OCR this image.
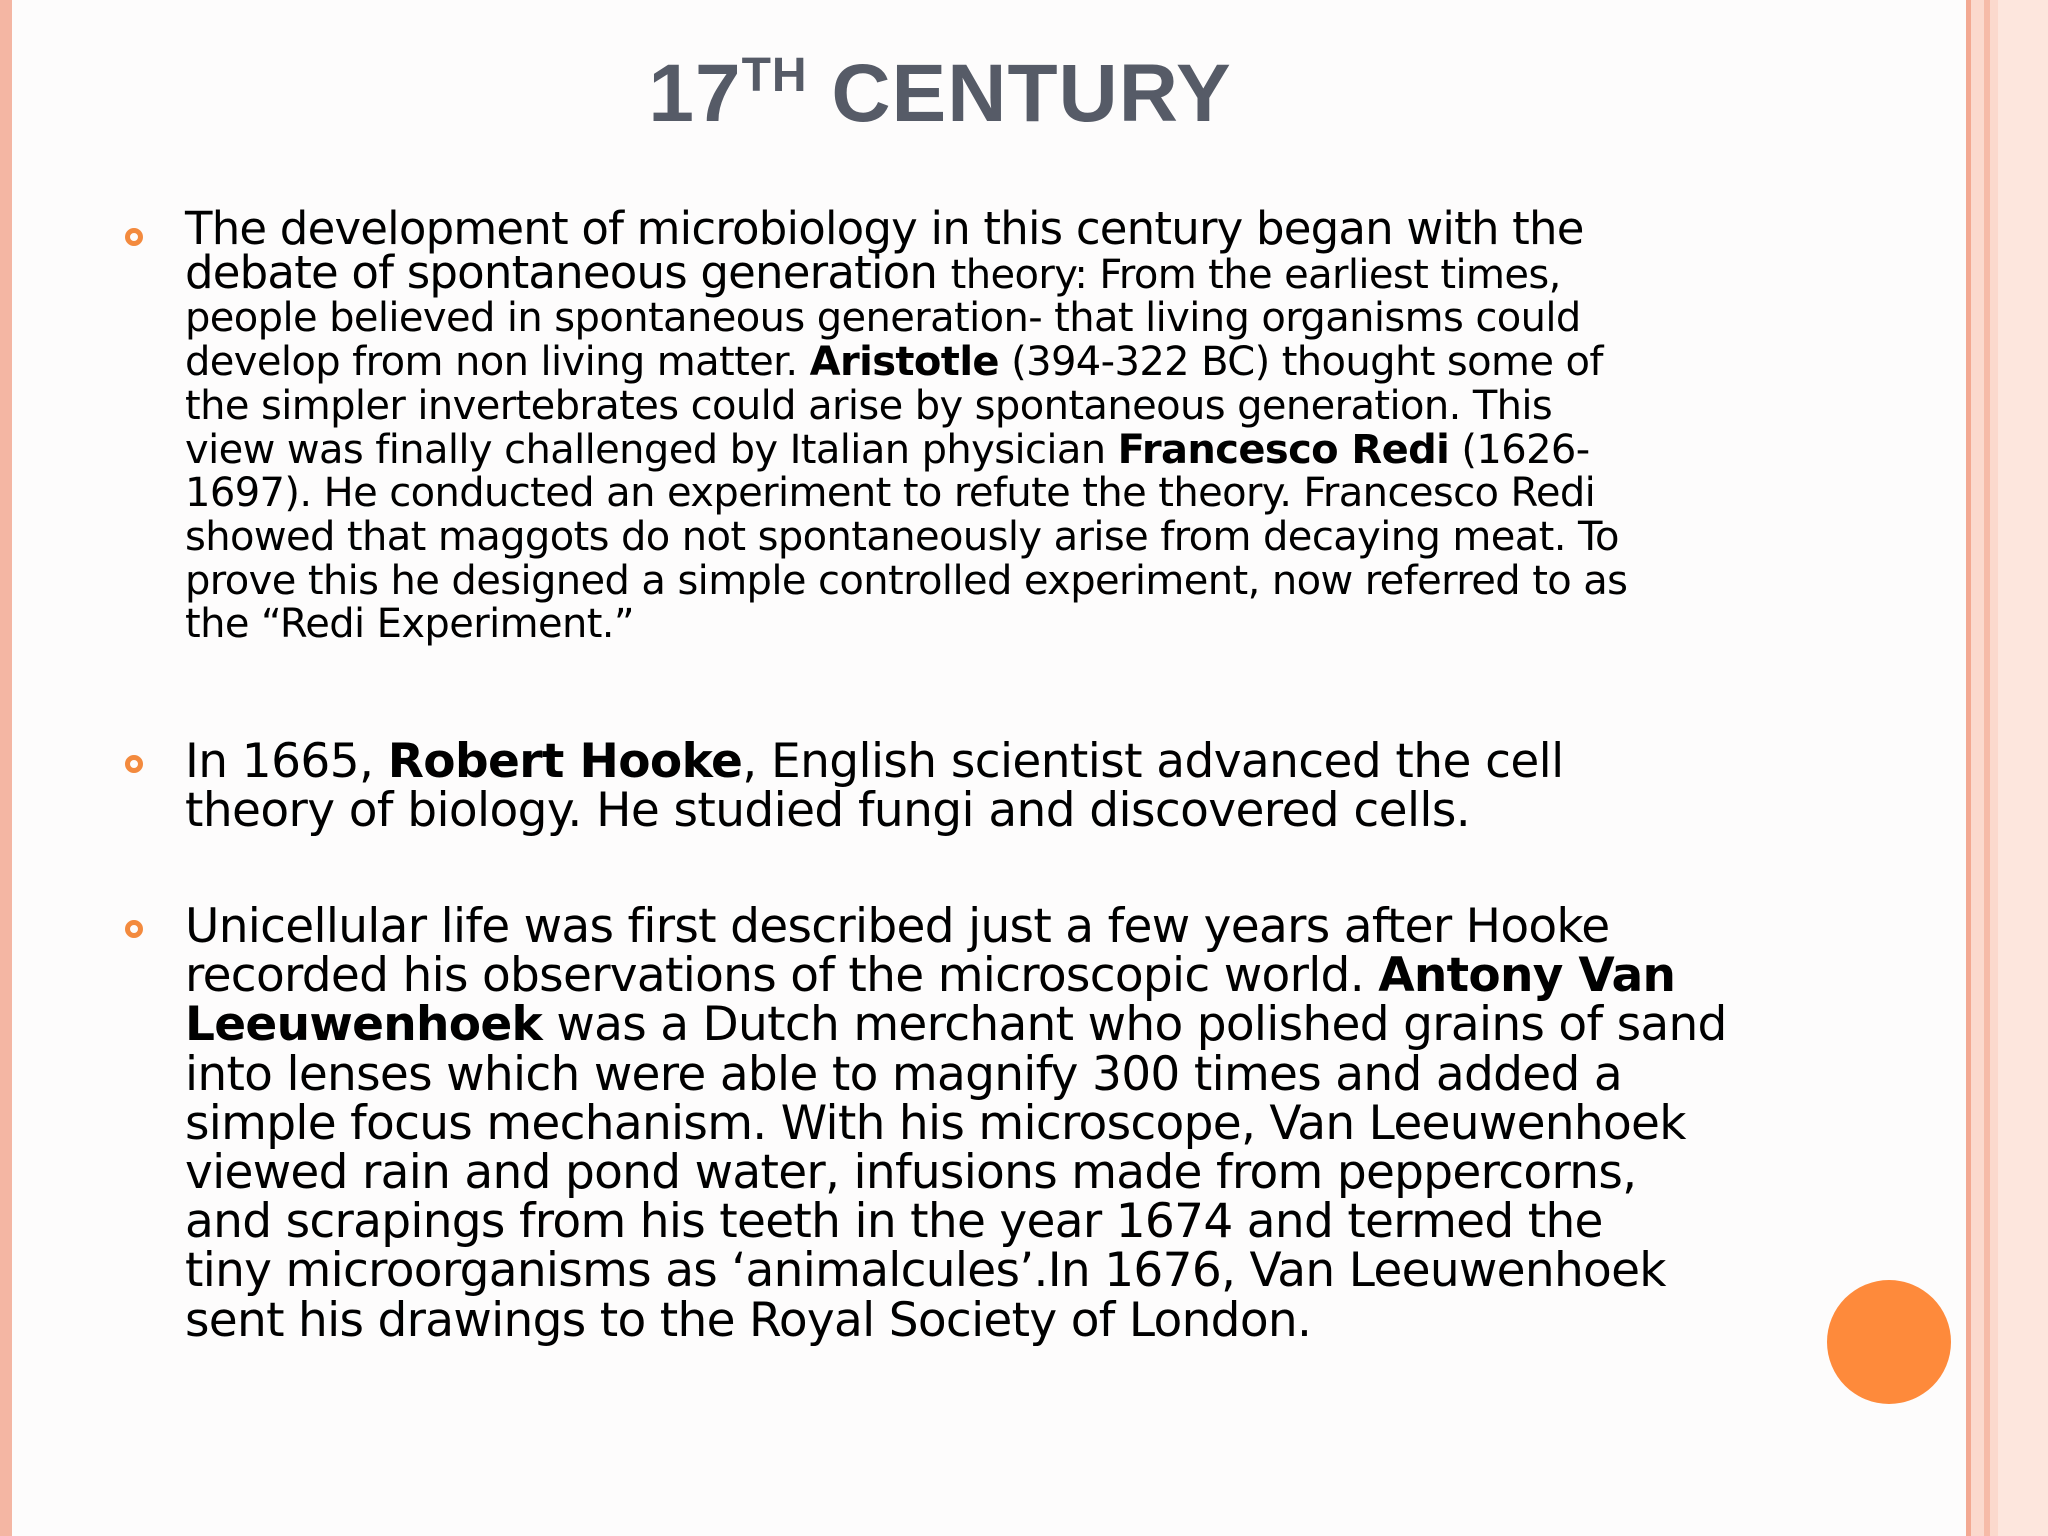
17TH CENTURY
The development of microbiology in this century began with the
debate of spontaneous generation theory: From the earliest times,
people believed in spontaneous generation- that living organisms could
develop from non living matter. Aristotle (394-322 BC) thought some of
the simpler invertebrates could arise by spontaneous generation. This
view was finally challenged by Italian physician Francesco Redi (1626-
1697). He conducted an experiment to refute the theory. Francesco Redi
showed that maggots do not spontaneously arise from decaying meat. To
prove this he designed a simple controlled experiment, now referred to as
the “Redi Experiment.”
In 1665, Robert Hooke, English scientist advanced the cell
theory of biology. He studied fungi and discovered cells.
Unicellular life was first described just a few years after Hooke
recorded his observations of the microscopic world. Antony Van
Leeuwenhoek was a Dutch merchant who polished grains of sand
into lenses which were able to magnify 300 times and added a
simple focus mechanism. With his microscope, Van Leeuwenhoek
viewed rain and pond water, infusions made from peppercorns,
and scrapings from his teeth in the year 1674 and termed the
tiny microorganisms as ‘animalcules’.In 1676, Van Leeuwenhoek
sent his drawings to the Royal Society of London.
